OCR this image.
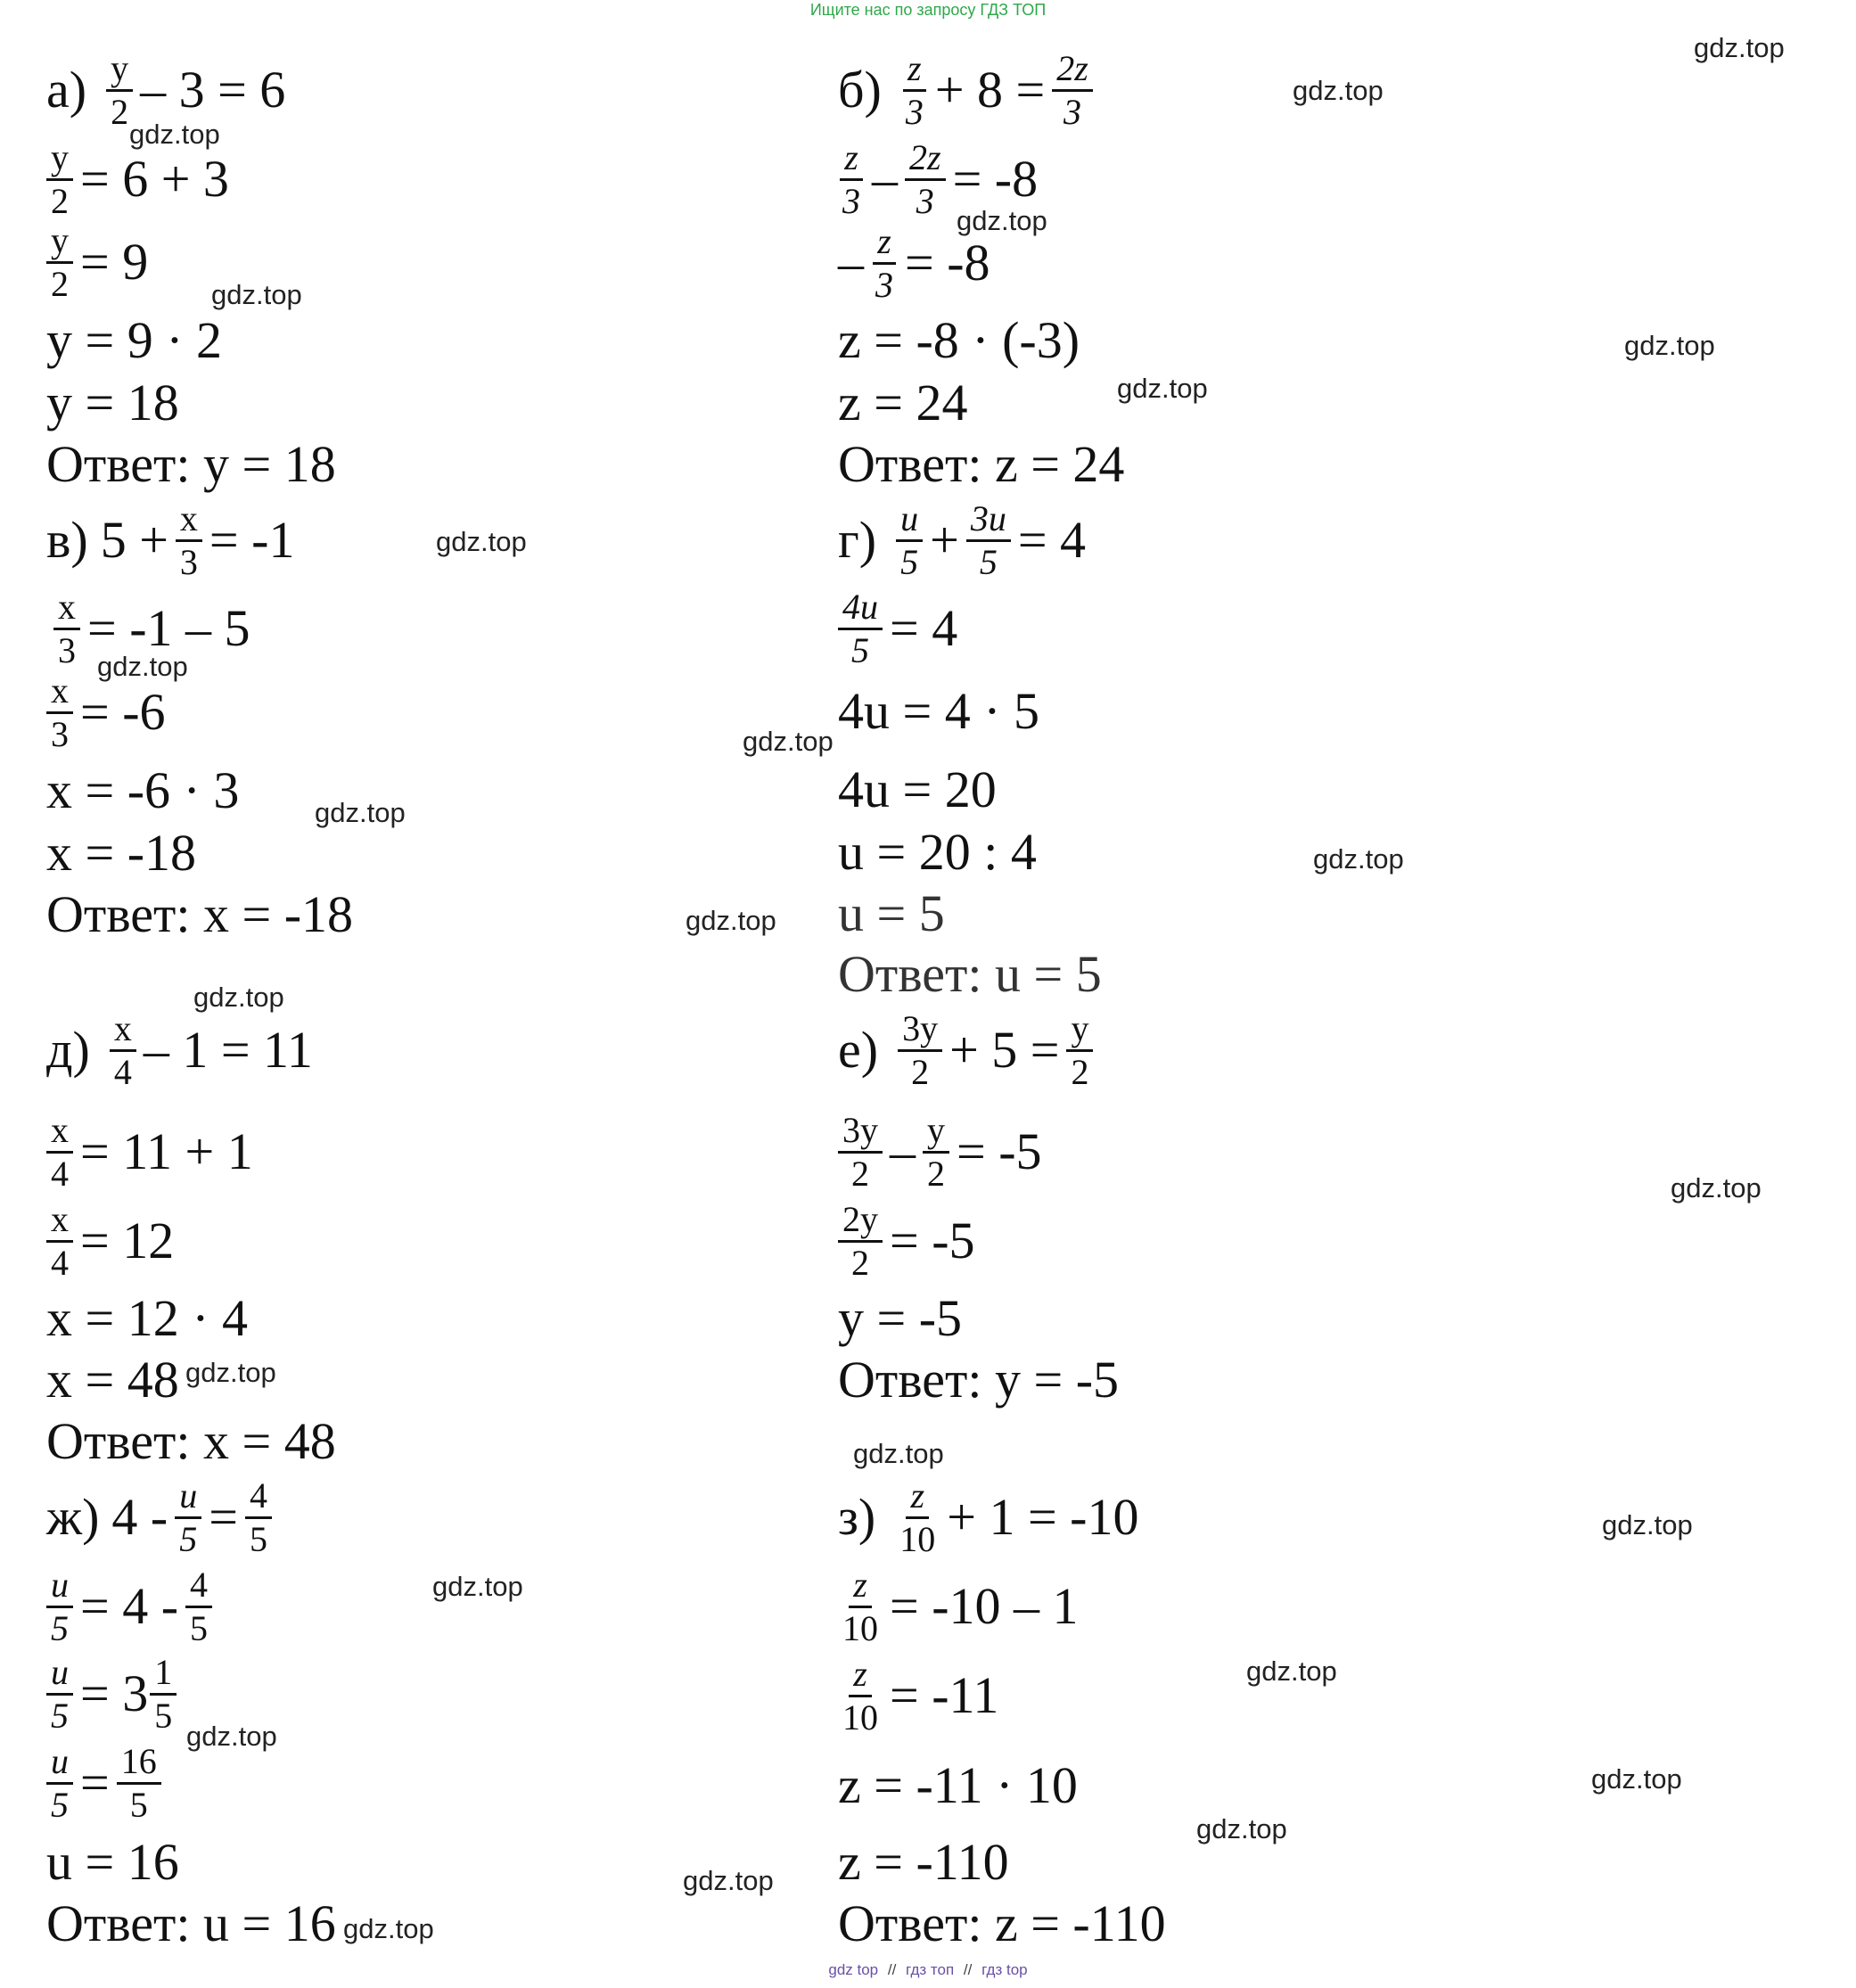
Ищите нас по запросу ГДЗ ТОП
$а) \frac{y}{2} - 3 = 6$
$\frac{y}{2} = 6 + 3$
$\frac{y}{2} = 9$
y = 9 · 2
y = 18
Ответ: y = 18
$б) \frac{z}{3} + 8 = \frac{2z}{3}$
$\frac{z}{3} - \frac{2z}{3} = -8$
– $\frac{z}{3} = -8$
z = -8 · (-3)
z = 24
Ответ: z = 24
в) $5 + \frac{x}{3} = -1$
$\frac{x}{3} = -1 - 5$
$\frac{x}{3} = -6$
x = -6 · 3
x = -18
Ответ: x = -18
$г) \frac{u}{5} + \frac{3u}{5} = 4$
$\frac{4u}{5} = 4$
4u = 4 · 5
4u = 20
u = 20 : 4
u = 5
Ответ: u = 5
$д) \frac{x}{4} - 1 = 11$
$\frac{x}{4} = 11 + 1$
$\frac{x}{4} = 12$
x = 12 · 4
x = 48
Ответ: x = 48
$е) \frac{3y}{2} + 5 = \frac{y}{2}$
$\frac{3y}{2} - \frac{y}{2} = -5$
$\frac{2y}{2} = -5$
y = -5
Ответ: y = -5
ж) $4 - \frac{u}{5} = \frac{4}{5}$
$\frac{u}{5} = 4 - \frac{4}{5}$
$\frac{u}{5} = 3 \frac{1}{5}$
$\frac{u}{5} = \frac{16}{5}$
u = 16
Ответ: u = 16
$з) \frac{z}{10} + 1 = -10$
$\frac{z}{10} = -10 - 1$
$\frac{z}{10} = -11$
z = -11 · 10
z = -110
Ответ: z = -110
gdz.top
gdz.top
gdz.top
gdz.top
gdz.top
gdz.top
gdz.top
gdz.top
gdz.top
gdz.top
gdz.top
gdz.top
gdz.top
gdz.top
gdz.top
gdz.top
gdz.top
gdz.top
gdz.top
gdz.top
gdz.top
gdz.top
gdz.top
gdz.top
gdz.top
gdz top // гдз топ // гдз top
